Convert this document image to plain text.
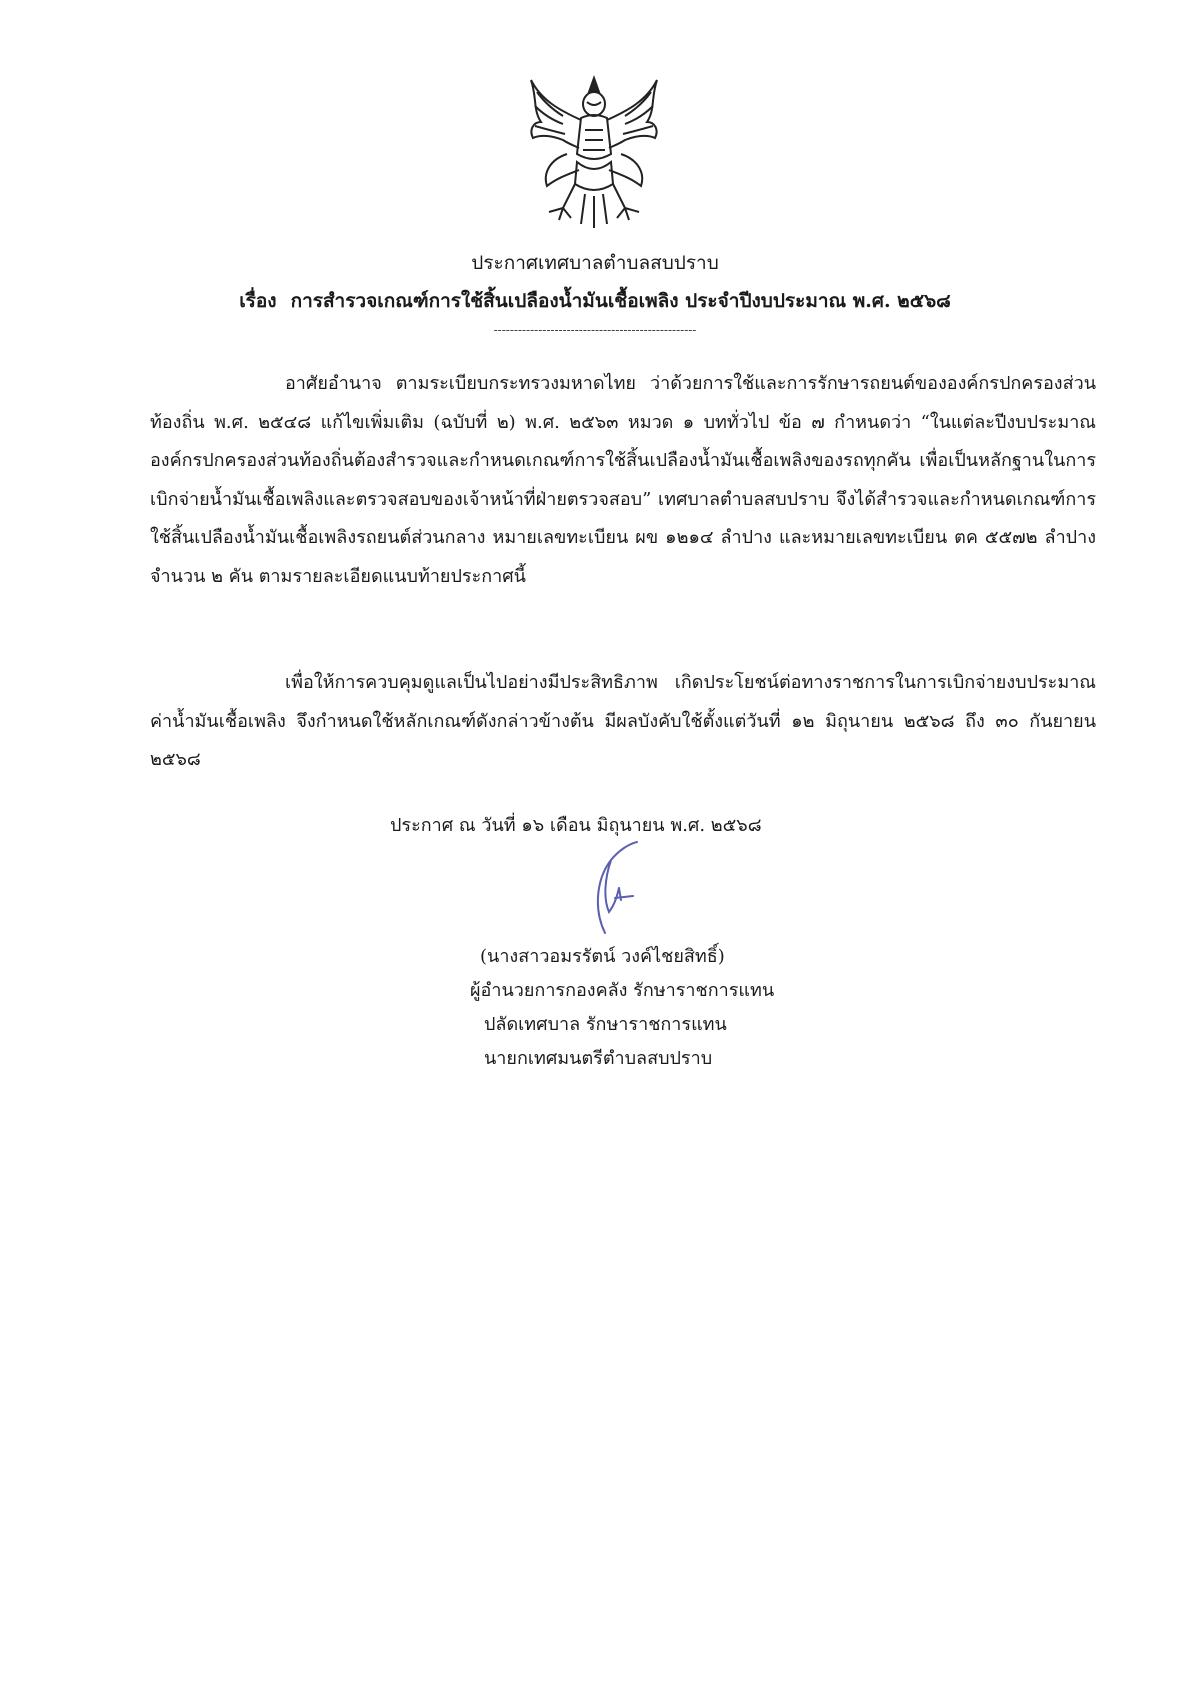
ประกาศเทศบาลตำบลสบปราบ
เรื่อง การสำรวจเกณฑ์การใช้สิ้นเปลืองน้ำมันเชื้อเพลิง ประจำปีงบประมาณ พ.ศ. ๒๕๖๘
--------------------------------------------------
อาศัยอำนาจ ตามระเบียบกระทรวงมหาดไทย ว่าด้วยการใช้และการรักษารถยนต์ขององค์กรปกครองส่วนท้องถิ่น พ.ศ. ๒๕๔๘ แก้ไขเพิ่มเติม (ฉบับที่ ๒) พ.ศ. ๒๕๖๓ หมวด ๑ บททั่วไป ข้อ ๗ กำหนดว่า “ในแต่ละปีงบประมาณองค์กรปกครองส่วนท้องถิ่นต้องสำรวจและกำหนดเกณฑ์การใช้สิ้นเปลืองน้ำมันเชื้อเพลิงของรถทุกคัน เพื่อเป็นหลักฐานในการเบิกจ่ายน้ำมันเชื้อเพลิงและตรวจสอบของเจ้าหน้าที่ฝ่ายตรวจสอบ” เทศบาลตำบลสบปราบ จึงได้สำรวจและกำหนดเกณฑ์การใช้สิ้นเปลืองน้ำมันเชื้อเพลิงรถยนต์ส่วนกลาง หมายเลขทะเบียน ผข ๑๒๑๔ ลำปาง และหมายเลขทะเบียน ตค ๕๕๗๒ ลำปาง จำนวน ๒ คัน ตามรายละเอียดแนบท้ายประกาศนี้
เพื่อให้การควบคุมดูแลเป็นไปอย่างมีประสิทธิภาพ เกิดประโยชน์ต่อทางราชการในการเบิกจ่ายงบประมาณค่าน้ำมันเชื้อเพลิง จึงกำหนดใช้หลักเกณฑ์ดังกล่าวข้างต้น มีผลบังคับใช้ตั้งแต่วันที่ ๑๒ มิถุนายน ๒๕๖๘ ถึง ๓๐ กันยายน ๒๕๖๘
ประกาศ ณ วันที่ ๑๖ เดือน มิถุนายน พ.ศ. ๒๕๖๘
(นางสาวอมรรัตน์ วงค์ไชยสิทธิ์)
ผู้อำนวยการกองคลัง รักษาราชการแทน
ปลัดเทศบาล รักษาราชการแทน
นายกเทศมนตรีตำบลสบปราบ
